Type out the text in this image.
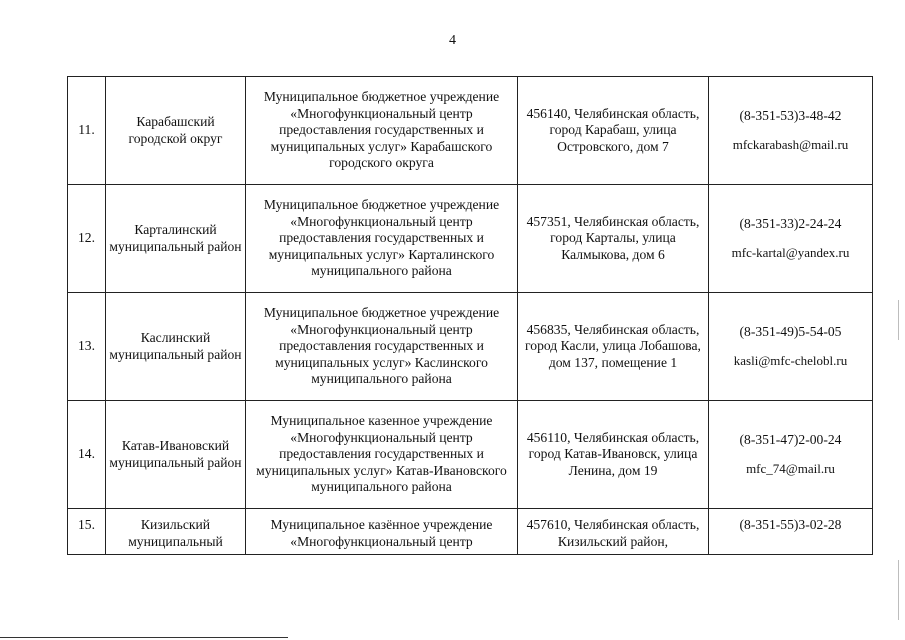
4
11.	Карабашский городской округ	Муниципальное бюджетное учреждение «Многофункциональный центр предоставления государственных и муниципальных услуг» Карабашского городского округа	456140, Челябинская область, город Карабаш, улица Островского, дом 7	(8-351-53)3-48-42
mfckarabash@mail.ru

12.	Карталинский муниципальный район	Муниципальное бюджетное учреждение «Многофункциональный центр предоставления государственных и муниципальных услуг» Карталинского муниципального района	457351, Челябинская область, город Карталы, улица Калмыкова, дом 6	(8-351-33)2-24-24
mfc-kartal@yandex.ru

13.	Каслинский муниципальный район	Муниципальное бюджетное учреждение «Многофункциональный центр предоставления государственных и муниципальных услуг» Каслинского муниципального района	456835, Челябинская область, город Касли, улица Лобашова, дом 137, помещение 1	(8-351-49)5-54-05
kasli@mfc-chelobl.ru

14.	Катав-Ивановский муниципальный район	Муниципальное казенное учреждение «Многофункциональный центр предоставления государственных и муниципальных услуг» Катав-Ивановского муниципального района	456110, Челябинская область, город Катав-Ивановск, улица Ленина, дом 19	(8-351-47)2-00-24
mfc_74@mail.ru

15.	Кизильский муниципальный	Муниципальное казённое учреждение «Многофункциональный центр	457610, Челябинская область, Кизильский район,	(8-351-55)3-02-28
